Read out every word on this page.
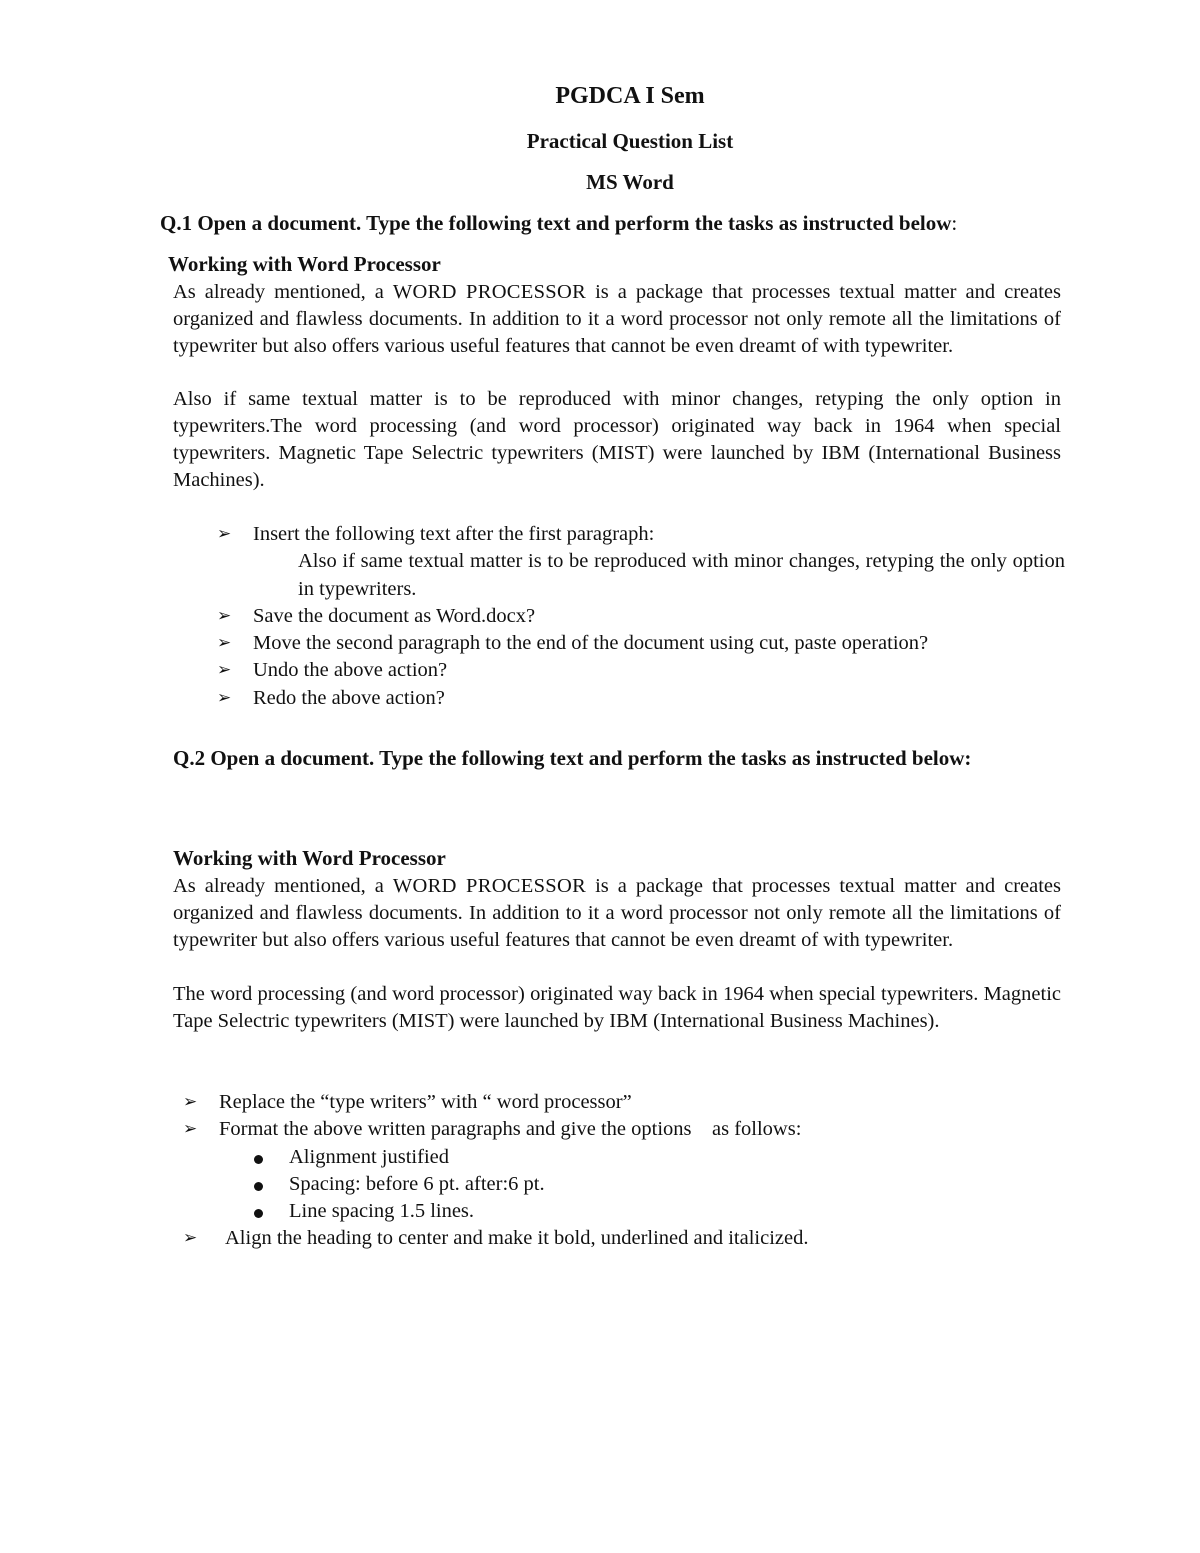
PGDCA I Sem
Practical Question List
MS Word
Q.1 Open a document. Type the following text and perform the tasks as instructed below:
Working with Word Processor
As already mentioned, a WORD PROCESSOR is a package that processes textual matter and creates organized and flawless documents. In addition to it a word processor not only remote all the limitations of typewriter but also offers various useful features that cannot be even dreamt of with typewriter.
Also if same textual matter is to be reproduced with minor changes, retyping the only option in typewriters.The word processing (and word processor) originated way back in 1964 when special typewriters. Magnetic Tape Selectric typewriters (MIST) were launched by IBM (International Business Machines).
➢ Insert the following text after the first paragraph:
Also if same textual matter is to be reproduced with minor changes, retyping the only option in typewriters.
➢ Save the document as Word.docx?
➢ Move the second paragraph to the end of the document using cut, paste operation?
➢ Undo the above action?
➢ Redo the above action?
Q.2 Open a document. Type the following text and perform the tasks as instructed below:
Working with Word Processor
As already mentioned, a WORD PROCESSOR is a package that processes textual matter and creates organized and flawless documents. In addition to it a word processor not only remote all the limitations of typewriter but also offers various useful features that cannot be even dreamt of with typewriter.
The word processing (and word processor) originated way back in 1964 when special typewriters. Magnetic Tape Selectric typewriters (MIST) were launched by IBM (International Business Machines).
➢ Replace the “type writers” with “ word processor”
➢ Format the above written paragraphs and give the options    as follows:
Alignment justified
Spacing: before 6 pt. after:6 pt.
Line spacing 1.5 lines.
➢ Align the heading to center and make it bold, underlined and italicized.
